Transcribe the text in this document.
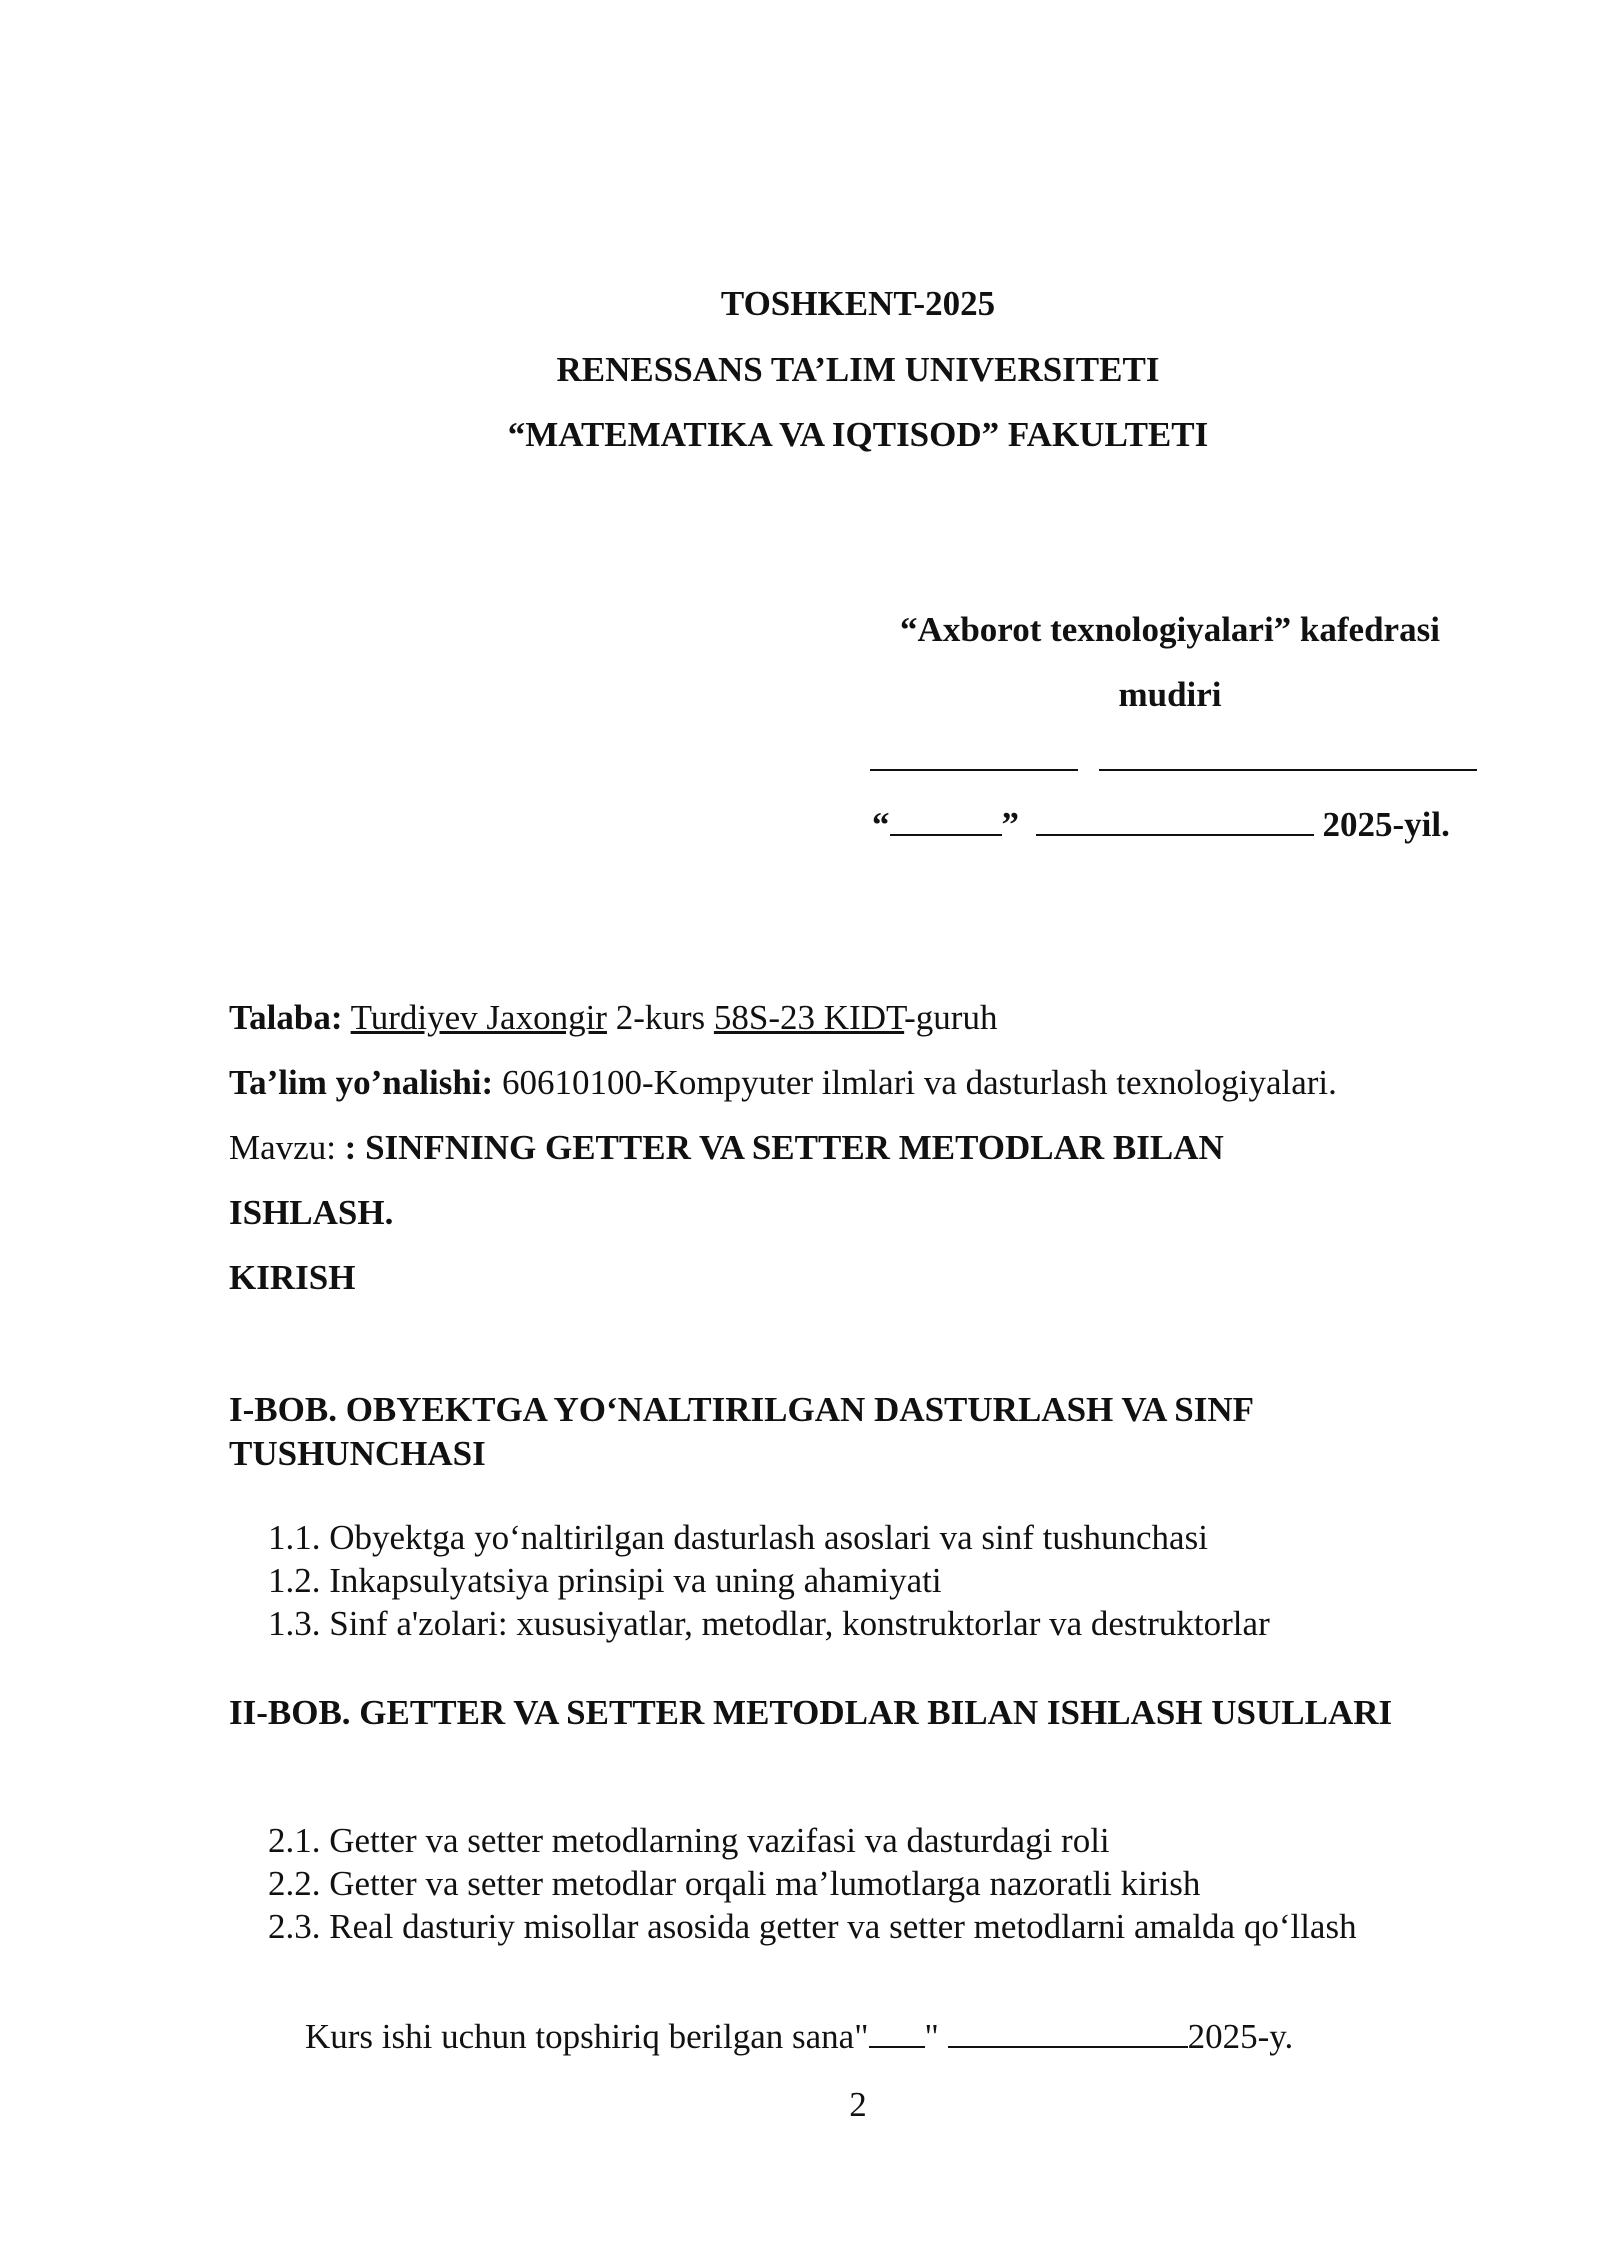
TOSHKENT-2025
RENESSANS TA’LIM UNIVERSITETI
“MATEMATIKA VA IQTISOD” FAKULTETI
“Axborot texnologiyalari” kafedrasi
mudiri

“	”	2025-yil.
Talaba: Turdiyev Jaxongir 2-kurs 58S-23 KIDT-guruh
Ta’lim yo’nalishi: 60610100-Kompyuter ilmlari va dasturlash texnologiyalari.
Mavzu: : SINFNING GETTER VA SETTER METODLAR BILAN
ISHLASH.
KIRISH
I-BOB. OBYEKTGA YO‘NALTIRILGAN DASTURLASH VA SINF TUSHUNCHASI
1.1. Obyektga yo‘naltirilgan dasturlash asoslari va sinf tushunchasi
1.2. Inkapsulyatsiya prinsipi va uning ahamiyati
1.3. Sinf a'zolari: xususiyatlar, metodlar, konstruktorlar va destruktorlar
II-BOB. GETTER VA SETTER METODLAR BILAN ISHLASH USULLARI
2.1. Getter va setter metodlarning vazifasi va dasturdagi roli
2.2. Getter va setter metodlar orqali ma’lumotlarga nazoratli kirish
2.3. Real dasturiy misollar asosida getter va setter metodlarni amalda qo‘llash
Kurs ishi uchun topshiriq berilgan sana" "	2025-y.
2
